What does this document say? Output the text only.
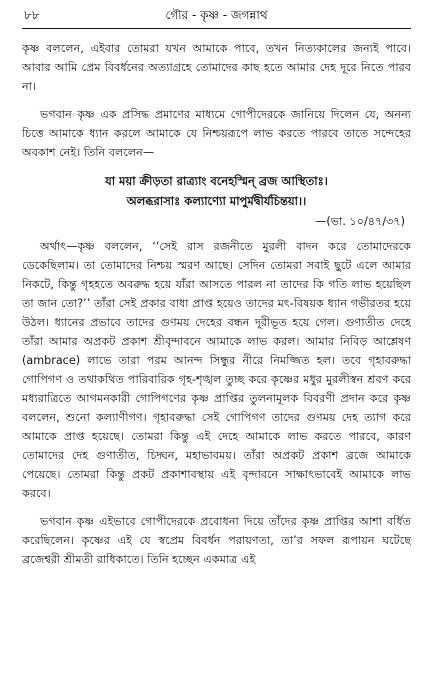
৮৮	গৌর - কৃষ্ণ - জগন্নাথ

কৃষ্ণ বললেন, এইবার তোমরা যখন আমাকে পাবে, তখন নিত্যকালের জন্যই পাবে। আবার আমি প্রেম বিবর্ধনের অত্যাগ্রহে তোমাদের কাছ হতে আমার দেহ দূরে নিতে পারব না।

ভগবান কৃষ্ণ এক প্রসিদ্ধ প্রমাণের মাধ্যমে গোপীদেরকে জানিয়ে দিলেন যে, অনন্য চিত্তে আমাকে ধ্যান করলে আমাকে যে নিশ্চয়রূপে লাভ করতে পারবে তাতে সন্দেহের অবকাশ নেই। তিনি বললেন—

যা ময়া ক্রীড়তা রাত্র্যাং বনেহস্মিন্ ব্রজ আস্থিতাঃ।
অলব্ধরাসাঃ কল্যাণ্যো মাপুর্মদ্বীর্যচিন্তয়া।।
—(ভা. ১০/৪৭/৩৭)

অর্থাৎ—কৃষ্ণ বললেন, ‘‘সেই রাস রজনীতে মুরলী বাদন করে তোমাদেরকে ডেকেছিলাম। তা তোমাদের নিশ্চয় স্মরণ আছে। সেদিন তোমরা সবাই ছুটে এলে আমার নিকটে, কিন্তু গৃহহতে অবরুদ্ধ হয়ে যাঁরা আসতে পারল না তাদের কি গতি লাভ হয়েছিল তা জান তো?’’ তাঁরা সেই প্রকার বাধা প্রাপ্ত হয়েও তাদের মৎ-বিষয়ক ধ্যান গভীরতর হয়ে উঠল। ধ্যানের প্রভাবে তাদের গুণময় দেহের বন্ধন দূরীভূত হয়ে গেল। গুণাতীত দেহে তাঁরা আমার অপ্রকট প্রকাশ শ্রীবৃন্দাবনে আমাকে লাভ করল। আমার নিবিড় আশ্লেষণ (ambrace) লাভে তারা পরম আনন্দ সিন্ধুর নীরে নিমজ্জিত হল। তবে গৃহাবরুদ্ধা গোপিগণ ও তথাকথিত পারিবারিক গৃহ-শৃঙ্খল তুচ্ছ করে কৃষ্ণের মধুর মুরলীস্বন শ্রবণ করে মধ্যরাত্রিতে আগমনকারী গোপিগণের কৃষ্ণ প্রাপ্তির তুলনামূলক বিবরণী প্রদান করে কৃষ্ণ বললেন, শুনো কল্যাণীগণ। গৃহাবরুদ্ধা সেই গোপিগণ তাদের গুণময় দেহ ত্যাগ করে আমাকে প্রাপ্ত হয়েছে। তোমরা কিন্তু এই দেহে আমাকে লাভ করতে পারবে, কারণ তোমাদের দেহ গুণাতীত, চিদ্ঘন, মহাভাবময়। তাঁরা অপ্রকট প্রকাশ ব্রজে আমাকে পেয়েছে। তোমরা কিন্তু প্রকট প্রকাশাবস্থায় এই বৃন্দাবনে সাক্ষাৎভাবেই আমাকে লাভ করবে।

ভগবান কৃষ্ণ এইভাবে গোপীদেরকে প্রবোধনা দিয়ে তাঁদের কৃষ্ণ প্রাপ্তির আশা বর্ধিত করেছিলেন। কৃষ্ণের এই যে স্বপ্রেম বিবর্ধন পরায়ণতা, তা’র সফল রূপায়ন ঘটেছে ব্রজেশ্বরী শ্রীমতী রাধিকাতে। তিনি হচ্ছেন একমাত্র এই
